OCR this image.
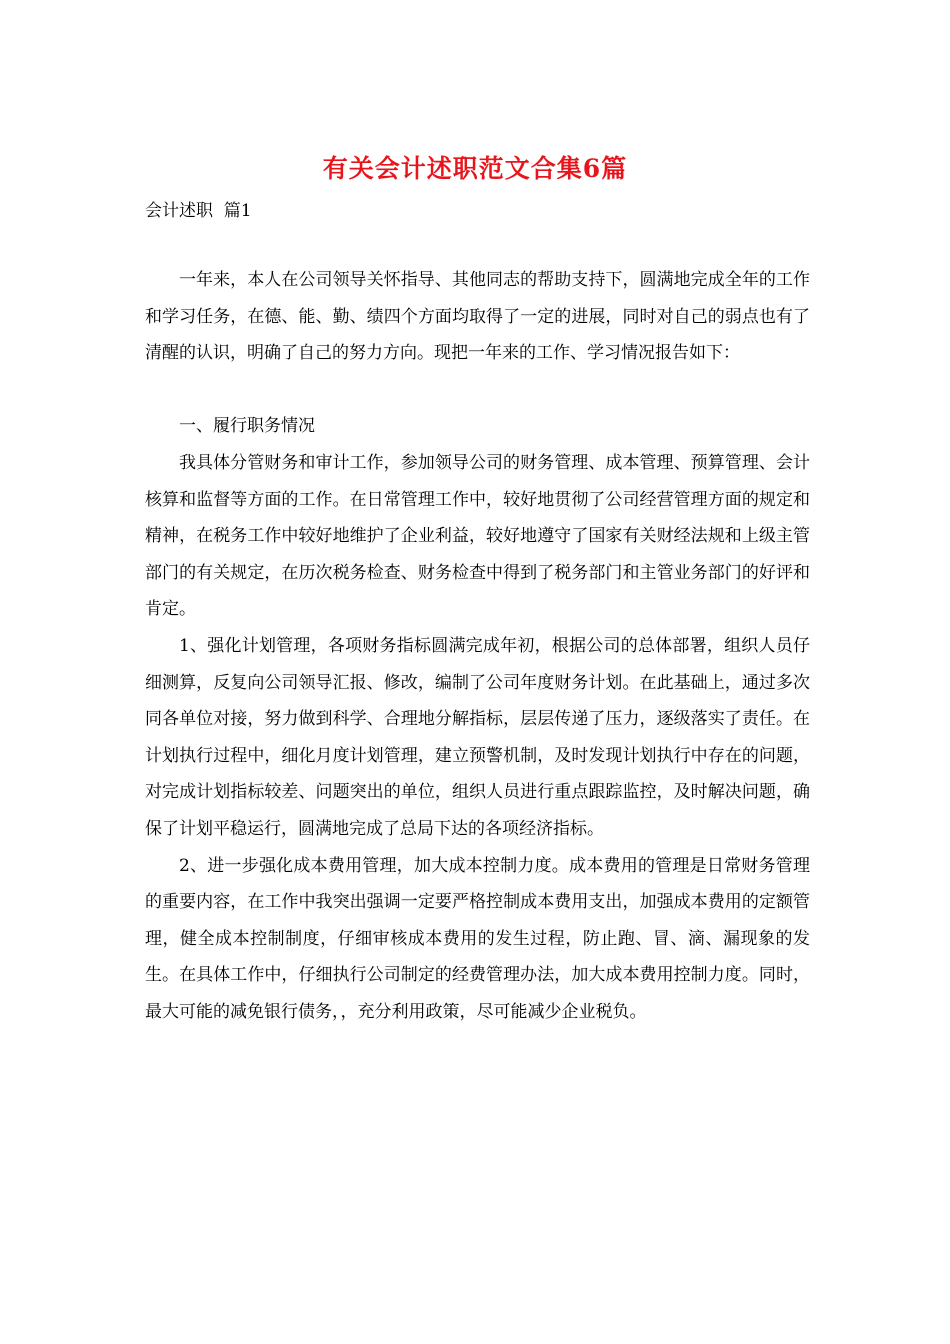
有关会计述职范文合集6篇
会计述职  篇1

一年来，本人在公司领导关怀指导、其他同志的帮助支持下，圆满地完成全年的工作和学习任务，在德、能、勤、绩四个方面均取得了一定的进展，同时对自己的弱点也有了清醒的认识，明确了自己的努力方向。现把一年来的工作、学习情况报告如下：

一、履行职务情况

我具体分管财务和审计工作，参加领导公司的财务管理、成本管理、预算管理、会计核算和监督等方面的工作。在日常管理工作中，较好地贯彻了公司经营管理方面的规定和精神，在税务工作中较好地维护了企业利益，较好地遵守了国家有关财经法规和上级主管部门的有关规定，在历次税务检查、财务检查中得到了税务部门和主管业务部门的好评和肯定。

1、强化计划管理，各项财务指标圆满完成年初，根据公司的总体部署，组织人员仔细测算，反复向公司领导汇报、修改，编制了公司年度财务计划。在此基础上，通过多次同各单位对接，努力做到科学、合理地分解指标，层层传递了压力，逐级落实了责任。在计划执行过程中，细化月度计划管理，建立预警机制，及时发现计划执行中存在的问题，对完成计划指标较差、问题突出的单位，组织人员进行重点跟踪监控，及时解决问题，确保了计划平稳运行，圆满地完成了总局下达的各项经济指标。

2、进一步强化成本费用管理，加大成本控制力度。成本费用的管理是日常财务管理的重要内容，在工作中我突出强调一定要严格控制成本费用支出，加强成本费用的定额管理，健全成本控制制度，仔细审核成本费用的发生过程，防止跑、冒、滴、漏现象的发生。在具体工作中，仔细执行公司制定的经费管理办法，加大成本费用控制力度。同时，最大可能的减免银行债务，，充分利用政策，尽可能减少企业税负。
